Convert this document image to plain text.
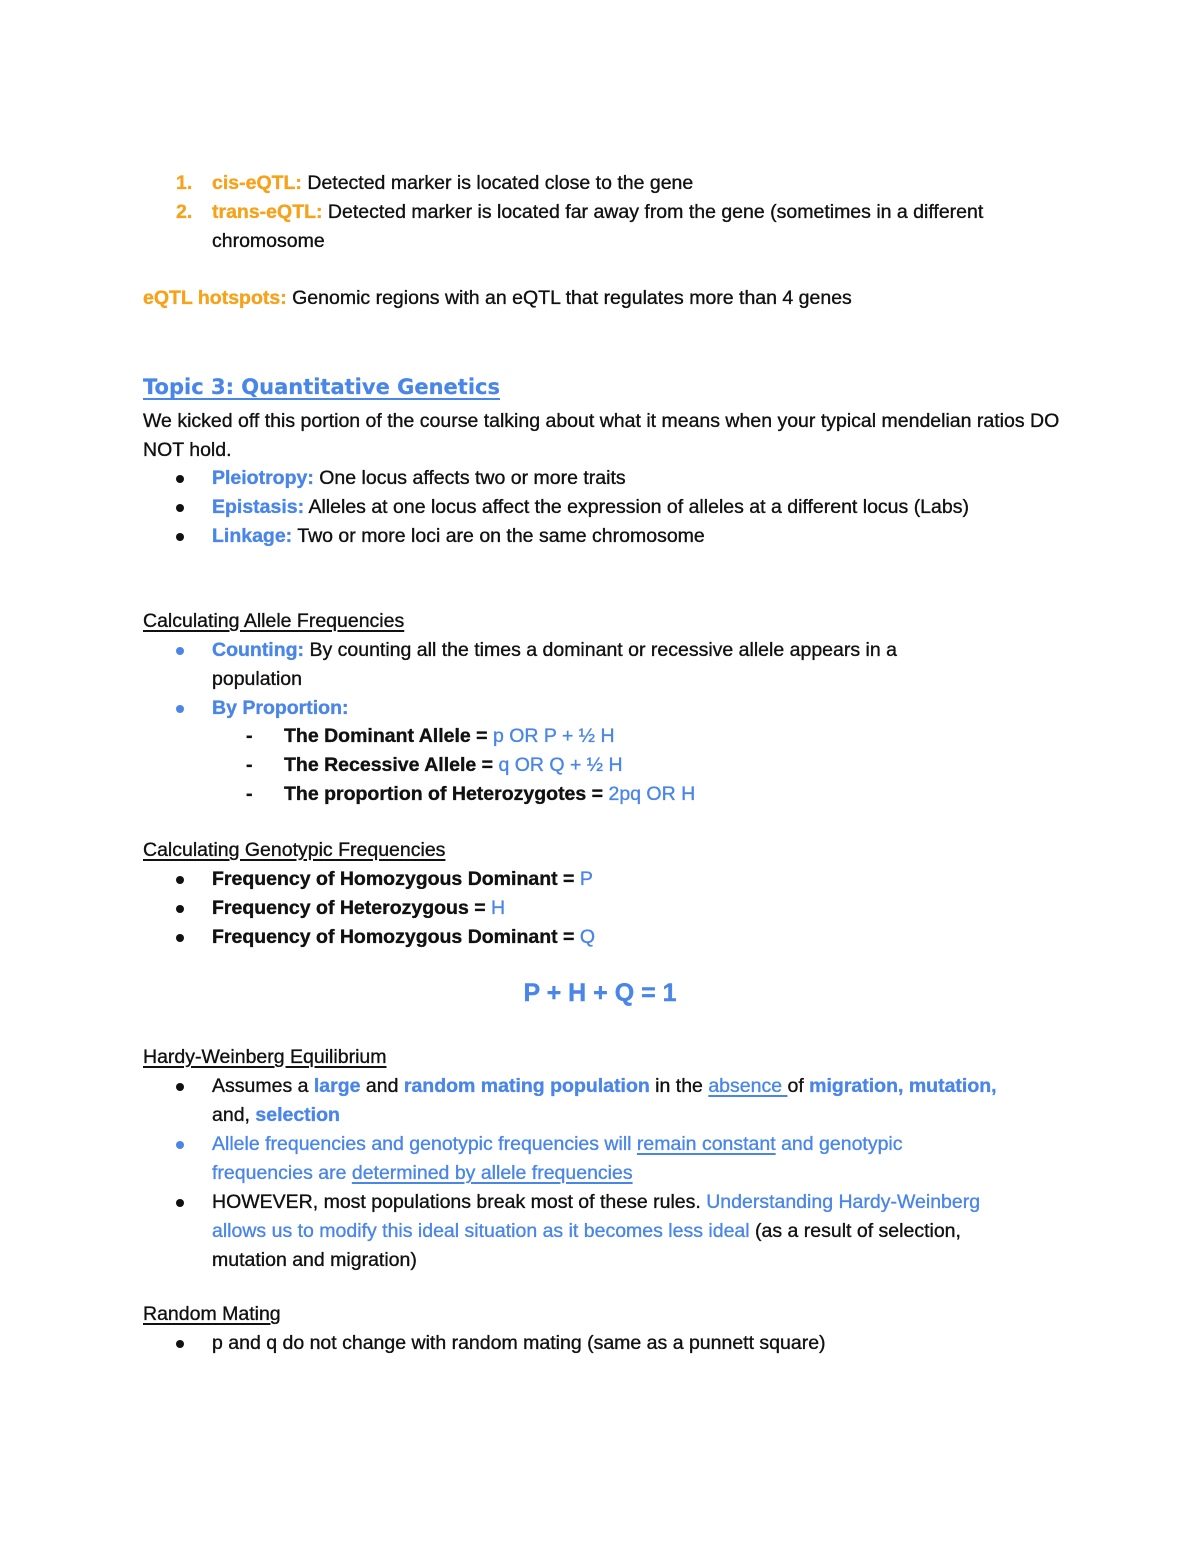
1. cis-eQTL: Detected marker is located close to the gene
2. trans-eQTL: Detected marker is located far away from the gene (sometimes in a different chromosome
eQTL hotspots: Genomic regions with an eQTL that regulates more than 4 genes
Topic 3: Quantitative Genetics
We kicked off this portion of the course talking about what it means when your typical mendelian ratios DO NOT hold.
Pleiotropy: One locus affects two or more traits
Epistasis: Alleles at one locus affect the expression of alleles at a different locus (Labs)
Linkage: Two or more loci are on the same chromosome
Calculating Allele Frequencies
Counting: By counting all the times a dominant or recessive allele appears in a population
By Proportion:
- The Dominant Allele = p OR P + ½ H
- The Recessive Allele = q OR Q + ½ H
- The proportion of Heterozygotes = 2pq OR H
Calculating Genotypic Frequencies
Frequency of Homozygous Dominant = P
Frequency of Heterozygous = H
Frequency of Homozygous Dominant = Q
P + H + Q = 1
Hardy-Weinberg Equilibrium
Assumes a large and random mating population in the absence of migration, mutation, and, selection
Allele frequencies and genotypic frequencies will remain constant and genotypic frequencies are determined by allele frequencies
HOWEVER, most populations break most of these rules. Understanding Hardy-Weinberg allows us to modify this ideal situation as it becomes less ideal (as a result of selection, mutation and migration)
Random Mating
p and q do not change with random mating (same as a punnett square)
